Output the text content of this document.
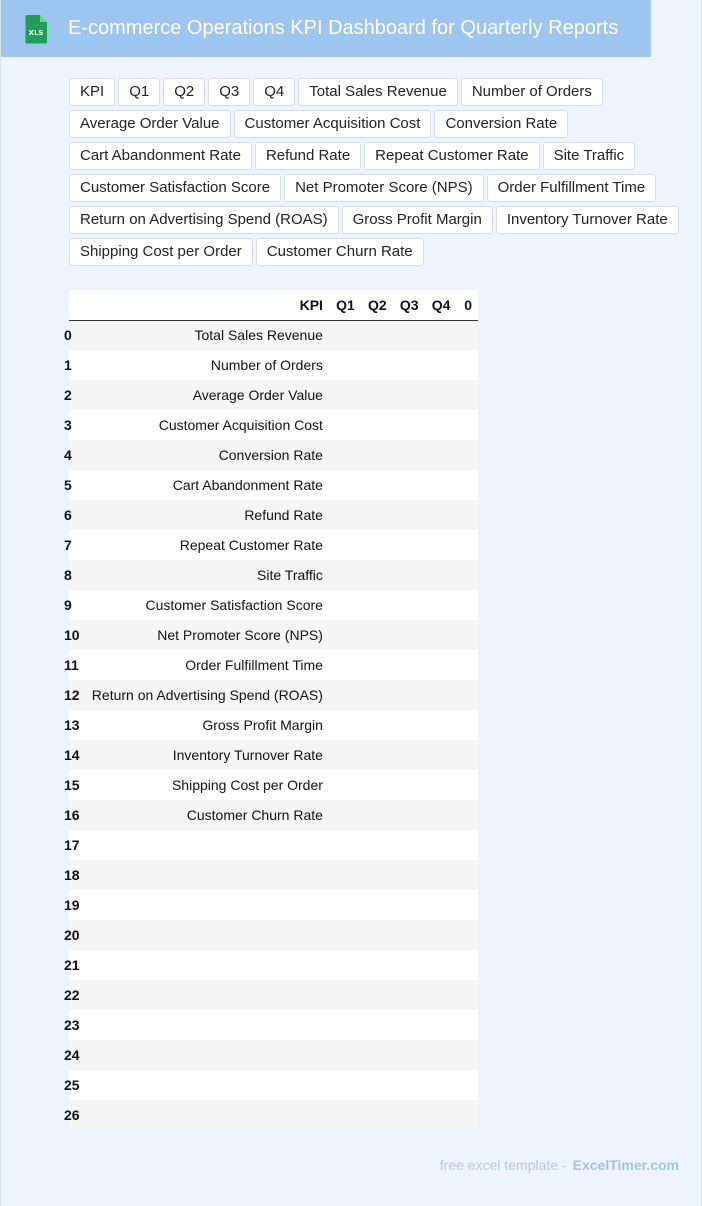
XLS E-commerce Operations KPI Dashboard for Quarterly Reports
KPI	Q1	Q2	Q3	Q4	Total Sales Revenue	Number of Orders
Average Order Value	Customer Acquisition Cost	Conversion Rate
Cart Abandonment Rate	Refund Rate	Repeat Customer Rate	Site Traffic
Customer Satisfaction Score	Net Promoter Score (NPS)	Order Fulfillment Time
Return on Advertising Spend (ROAS)	Gross Profit Margin	Inventory Turnover Rate
Shipping Cost per Order	Customer Churn Rate
	KPI	Q1	Q2	Q3	Q4	0
0	Total Sales Revenue					
1	Number of Orders					
2	Average Order Value					
3	Customer Acquisition Cost					
4	Conversion Rate					
5	Cart Abandonment Rate					
6	Refund Rate					
7	Repeat Customer Rate					
8	Site Traffic					
9	Customer Satisfaction Score					
10	Net Promoter Score (NPS)					
11	Order Fulfillment Time					
12	Return on Advertising Spend (ROAS)					
13	Gross Profit Margin					
14	Inventory Turnover Rate					
15	Shipping Cost per Order					
16	Customer Churn Rate					
17						
18						
19						
20						
21						
22						
23						
24						
25						
26						
free excel template - ExcelTimer.com
